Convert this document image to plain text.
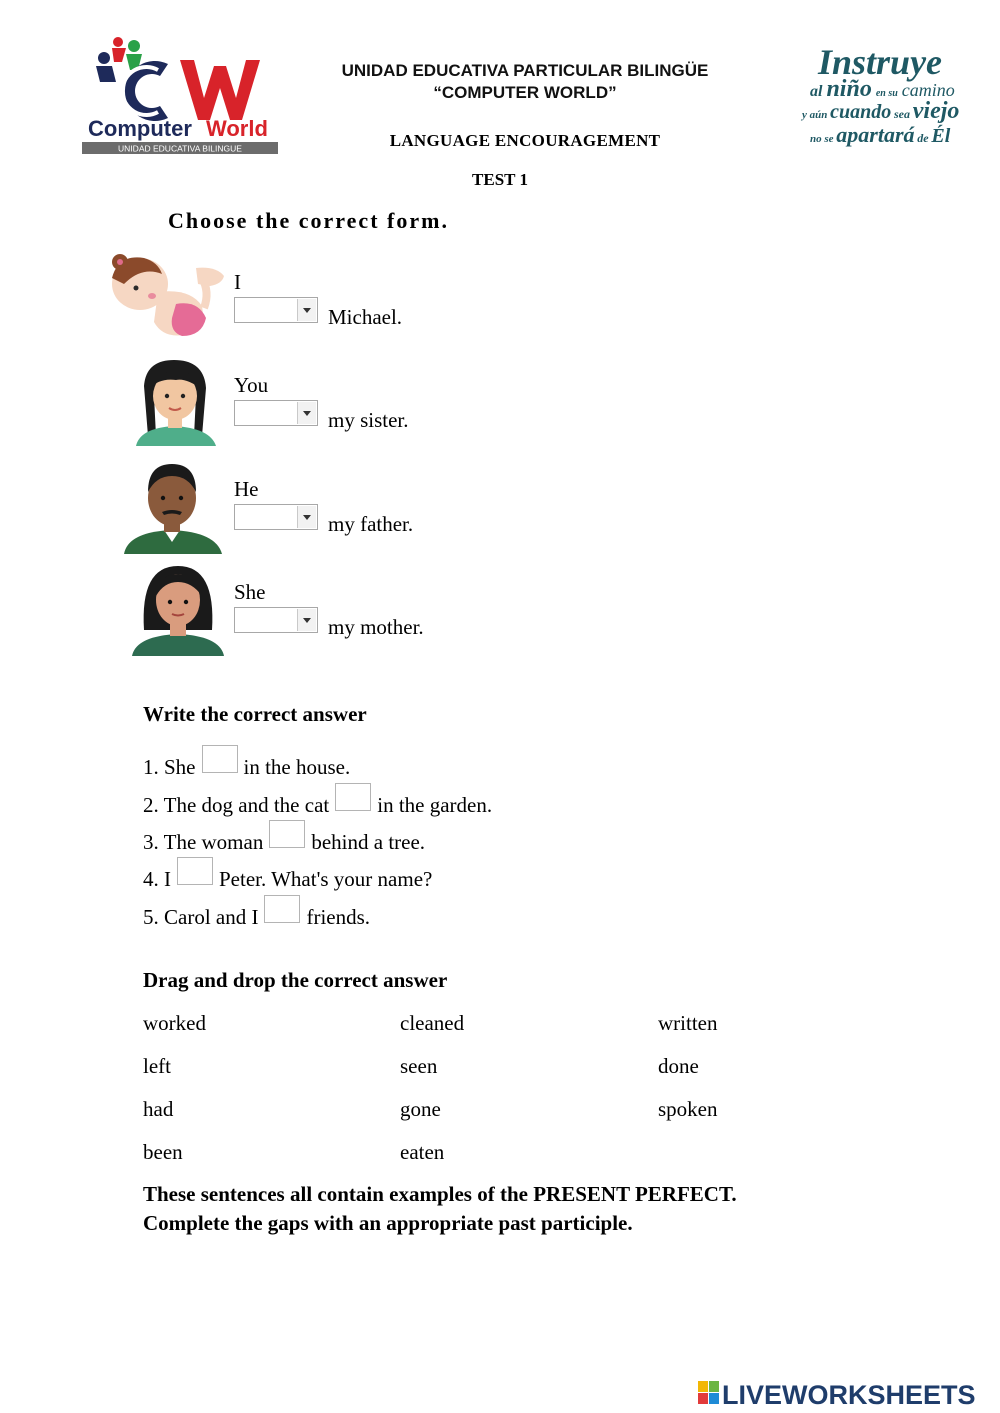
Computer World
UNIDAD EDUCATIVA BILINGUE
UNIDAD EDUCATIVA PARTICULAR BILINGÜE
“COMPUTER WORLD”
LANGUAGE ENCOURAGEMENT
TEST 1
Instruye
al niño en su camino
y aún cuando sea viejo
no se apartará de Él
Choose the correct form.
I
Michael.
You
my sister.
He
my father.
She
my mother.
Write the correct answer
1. She in the house.
2. The dog and the cat in the garden.
3. The woman behind a tree.
4. I Peter. What's your name?
5. Carol and I friends.
Drag and drop the correct answer
worked	cleaned	written
left	seen	done
had	gone	spoken
been	eaten
These sentences all contain examples of the PRESENT PERFECT.
Complete the gaps with an appropriate past participle.
LIVEWORKSHEETS
